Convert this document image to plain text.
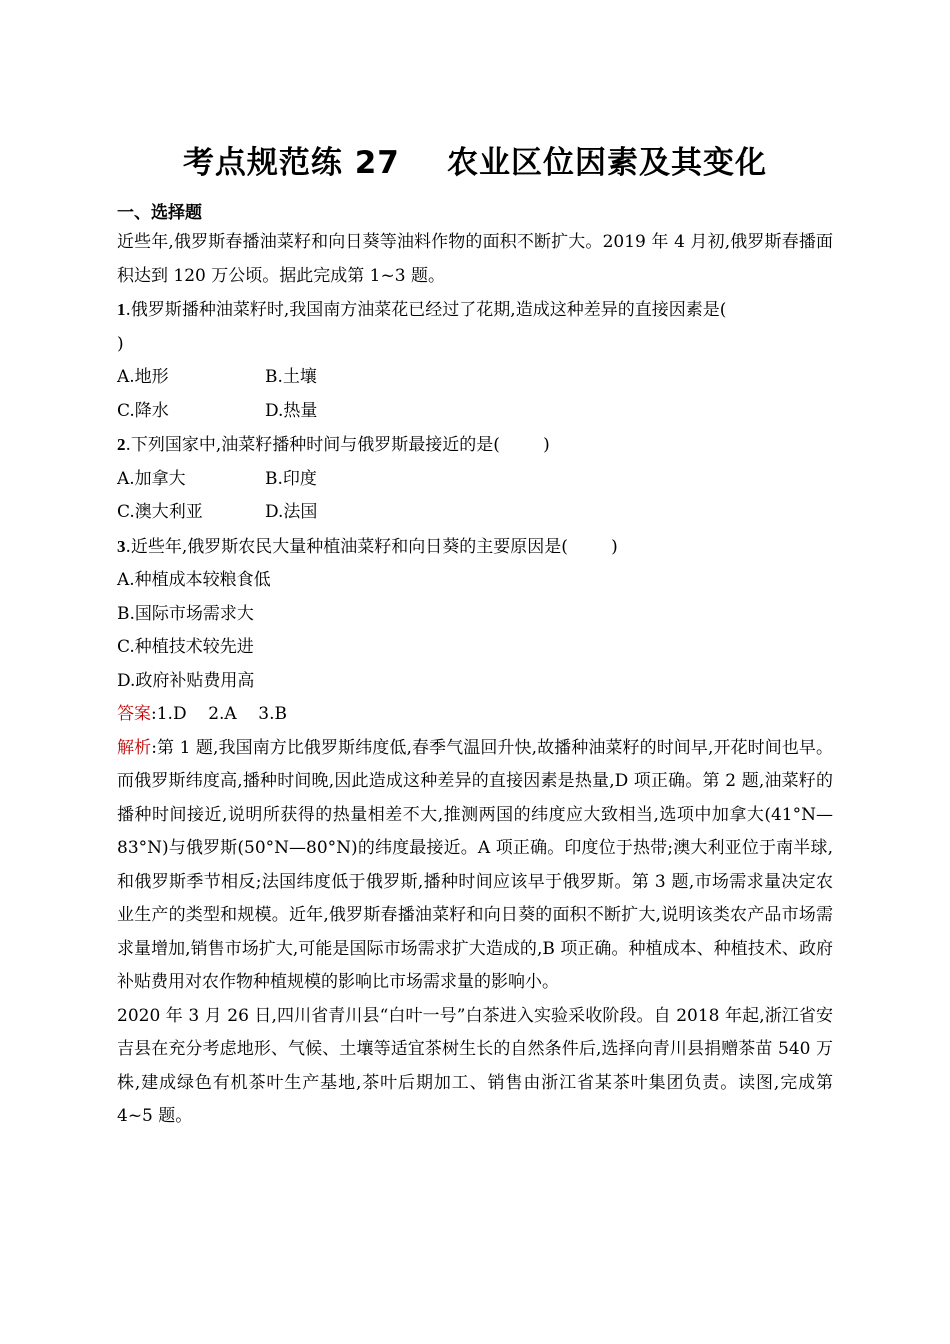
考点规范练 27    农业区位因素及其变化
一、选择题

近些年,俄罗斯春播油菜籽和向日葵等油料作物的面积不断扩大。2019 年 4 月初,俄罗斯春播面积达到 120 万公顷。据此完成第 1~3 题。

1.俄罗斯播种油菜籽时,我国南方油菜花已经过了花期,造成这种差异的直接因素是(

)

A.地形	B.土壤
C.降水	D.热量

2.下列国家中,油菜籽播种时间与俄罗斯最接近的是(        )

A.加拿大	B.印度
C.澳大利亚	D.法国

3.近些年,俄罗斯农民大量种植油菜籽和向日葵的主要原因是(        )

A.种植成本较粮食低

B.国际市场需求大

C.种植技术较先进

D.政府补贴费用高

答案:1.D    2.A    3.B

解析:第 1 题,我国南方比俄罗斯纬度低,春季气温回升快,故播种油菜籽的时间早,开花时间也早。而俄罗斯纬度高,播种时间晚,因此造成这种差异的直接因素是热量,D 项正确。第 2 题,油菜籽的播种时间接近,说明所获得的热量相差不大,推测两国的纬度应大致相当,选项中加拿大(41°N—83°N)与俄罗斯(50°N—80°N)的纬度最接近。A 项正确。印度位于热带;澳大利亚位于南半球,和俄罗斯季节相反;法国纬度低于俄罗斯,播种时间应该早于俄罗斯。第 3 题,市场需求量决定农业生产的类型和规模。近年,俄罗斯春播油菜籽和向日葵的面积不断扩大,说明该类农产品市场需求量增加,销售市场扩大,可能是国际市场需求扩大造成的,B 项正确。种植成本、种植技术、政府补贴费用对农作物种植规模的影响比市场需求量的影响小。

2020 年 3 月 26 日,四川省青川县“白叶一号”白茶进入实验采收阶段。自 2018 年起,浙江省安吉县在充分考虑地形、气候、土壤等适宜茶树生长的自然条件后,选择向青川县捐赠茶苗 540 万株,建成绿色有机茶叶生产基地,茶叶后期加工、销售由浙江省某茶叶集团负责。读图,完成第 4~5 题。
